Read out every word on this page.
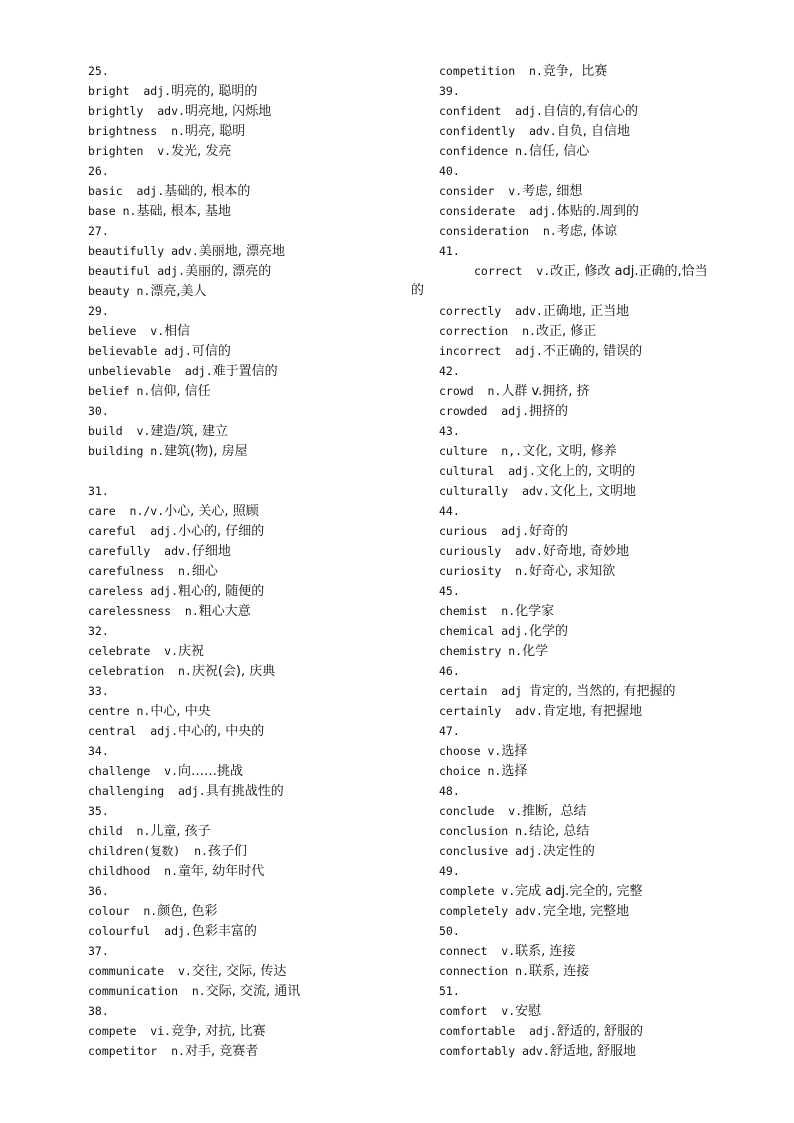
25.
bright  adj.明亮的, 聪明的
brightly  adv.明亮地, 闪烁地
brightness  n.明亮, 聪明
brighten  v.发光, 发亮
26.
basic  adj.基础的, 根本的
base n.基础, 根本, 基地
27.
beautifully adv.美丽地, 漂亮地
beautiful adj.美丽的, 漂亮的
beauty n.漂亮,美人
29.
believe  v.相信
believable adj.可信的
unbelievable  adj.难于置信的
belief n.信仰, 信任
30.
build  v.建造/筑, 建立
building n.建筑(物), 房屋
31.
care  n./v.小心, 关心, 照顾
careful  adj.小心的, 仔细的
carefully  adv.仔细地
carefulness  n.细心
careless adj.粗心的, 随便的
carelessness  n.粗心大意
32.
celebrate  v.庆祝
celebration  n.庆祝(会), 庆典
33.
centre n.中心, 中央
central  adj.中心的, 中央的
34.
challenge  v.向……挑战
challenging  adj.具有挑战性的
35.
child  n.儿童, 孩子
children(复数)  n.孩子们
childhood  n.童年, 幼年时代
36.
colour  n.颜色, 色彩
colourful  adj.色彩丰富的
37.
communicate  v.交往, 交际, 传达
communication  n.交际, 交流, 通讯
38.
compete  vi.竞争, 对抗, 比赛
competitor  n.对手, 竞赛者
competition  n.竞争,  比赛
39.
confident  adj.自信的,有信心的
confidently  adv.自负, 自信地
confidence n.信任, 信心
40.
consider  v.考虑, 细想
considerate  adj.体贴的.周到的
consideration  n.考虑, 体谅
41.
correct  v.改正, 修改 adj.正确的,恰当
的
correctly  adv.正确地, 正当地
correction  n.改正, 修正
incorrect  adj.不正确的, 错误的
42.
crowd  n.人群 v.拥挤, 挤
crowded  adj.拥挤的
43.
culture  n,.文化, 文明, 修养
cultural  adj.文化上的, 文明的
culturally  adv.文化上, 文明地
44.
curious  adj.好奇的
curiously  adv.好奇地, 奇妙地
curiosity  n.好奇心, 求知欲
45.
chemist  n.化学家
chemical adj.化学的
chemistry n.化学
46.
certain  adj 肯定的, 当然的, 有把握的
certainly  adv.肯定地, 有把握地
47.
choose v.选择
choice n.选择
48.
conclude  v.推断,  总结
conclusion n.结论, 总结
conclusive adj.决定性的
49.
complete v.完成 adj.完全的, 完整
completely adv.完全地, 完整地
50.
connect  v.联系, 连接
connection n.联系, 连接
51.
comfort  v.安慰
comfortable  adj.舒适的, 舒服的
comfortably adv.舒适地, 舒服地
